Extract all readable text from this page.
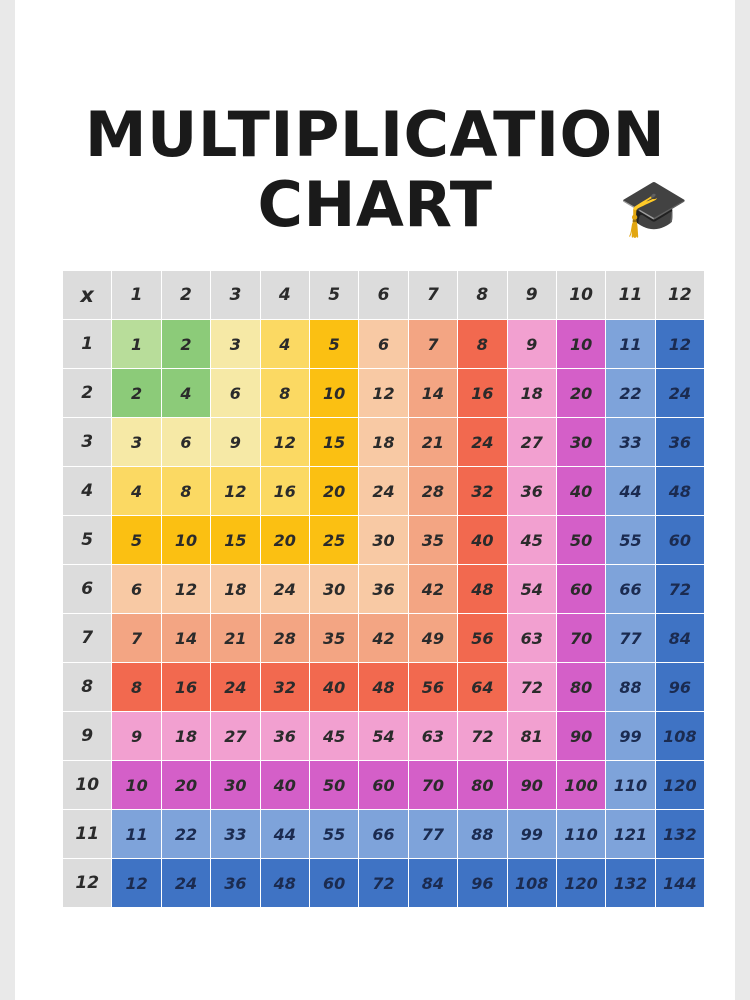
MULTIPLICATION
CHART	🎓
x	1	2	3	4	5	6	7	8	9	10	11	12
1	1	2	3	4	5	6	7	8	9	10	11	12
2	2	4	6	8	10	12	14	16	18	20	22	24
3	3	6	9	12	15	18	21	24	27	30	33	36
4	4	8	12	16	20	24	28	32	36	40	44	48
5	5	10	15	20	25	30	35	40	45	50	55	60
6	6	12	18	24	30	36	42	48	54	60	66	72
7	7	14	21	28	35	42	49	56	63	70	77	84
8	8	16	24	32	40	48	56	64	72	80	88	96
9	9	18	27	36	45	54	63	72	81	90	99	108
10	10	20	30	40	50	60	70	80	90	100	110	120
11	11	22	33	44	55	66	77	88	99	110	121	132
12	12	24	36	48	60	72	84	96	108	120	132	144
